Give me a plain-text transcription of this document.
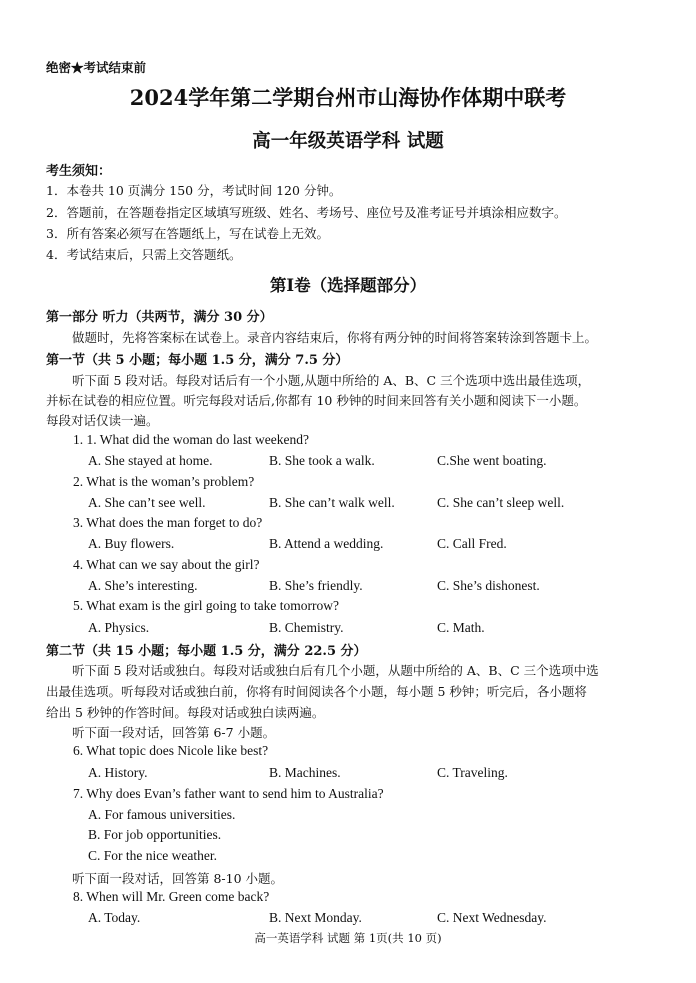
绝密★考试结束前
2024学年第二学期台州市山海协作体期中联考
高一年级英语学科 试题
考生须知：
1．本卷共 10 页满分 150 分，考试时间 120 分钟。
2．答题前，在答题卷指定区域填写班级、姓名、考场号、座位号及准考证号并填涂相应数字。
3．所有答案必须写在答题纸上，写在试卷上无效。
4．考试结束后，只需上交答题纸。
第Ⅰ卷（选择题部分）
第一部分 听力（共两节，满分 30 分）
做题时，先将答案标在试卷上。录音内容结束后，你将有两分钟的时间将答案转涂到答题卡上。
第一节（共 5 小题；每小题 1.5 分，满分 7.5 分）
听下面 5 段对话。每段对话后有一个小题,从题中所给的 A、B、C 三个选项中选出最佳选项，
并标在试卷的相应位置。听完每段对话后,你都有 10 秒钟的时间来回答有关小题和阅读下一小题。
每段对话仅读一遍。
1. 1. What did the woman do last weekend?
A. She stayed at home.	B. She took a walk.	C.She went boating.
2. What is the woman’s problem?
A. She can’t see well.	B. She can’t walk well.	C. She can’t sleep well.
3. What does the man forget to do?
A. Buy flowers.	B. Attend a wedding.	C. Call Fred.
4. What can we say about the girl?
A. She’s interesting.	B. She’s friendly.	C. She’s dishonest.
5. What exam is the girl going to take tomorrow?
A. Physics.	B. Chemistry.	C. Math.
第二节（共 15 小题；每小题 1.5 分，满分 22.5 分）
听下面 5 段对话或独白。每段对话或独白后有几个小题，从题中所给的 A、B、C 三个选项中选
出最佳选项。听每段对话或独白前，你将有时间阅读各个小题，每小题 5 秒钟；听完后，各小题将
给出 5 秒钟的作答时间。每段对话或独白读两遍。
听下面一段对话，回答第 6-7 小题。
6. What topic does Nicole like best?
A. History.	B. Machines.	C. Traveling.
7. Why does Evan’s father want to send him to Australia?
A. For famous universities.
B. For job opportunities.
C. For the nice weather.
听下面一段对话，回答第 8-10 小题。
8. When will Mr. Green come back?
A. Today.	B. Next Monday.	C. Next Wednesday.
高一英语学科 试题 第 1页(共 10 页)
